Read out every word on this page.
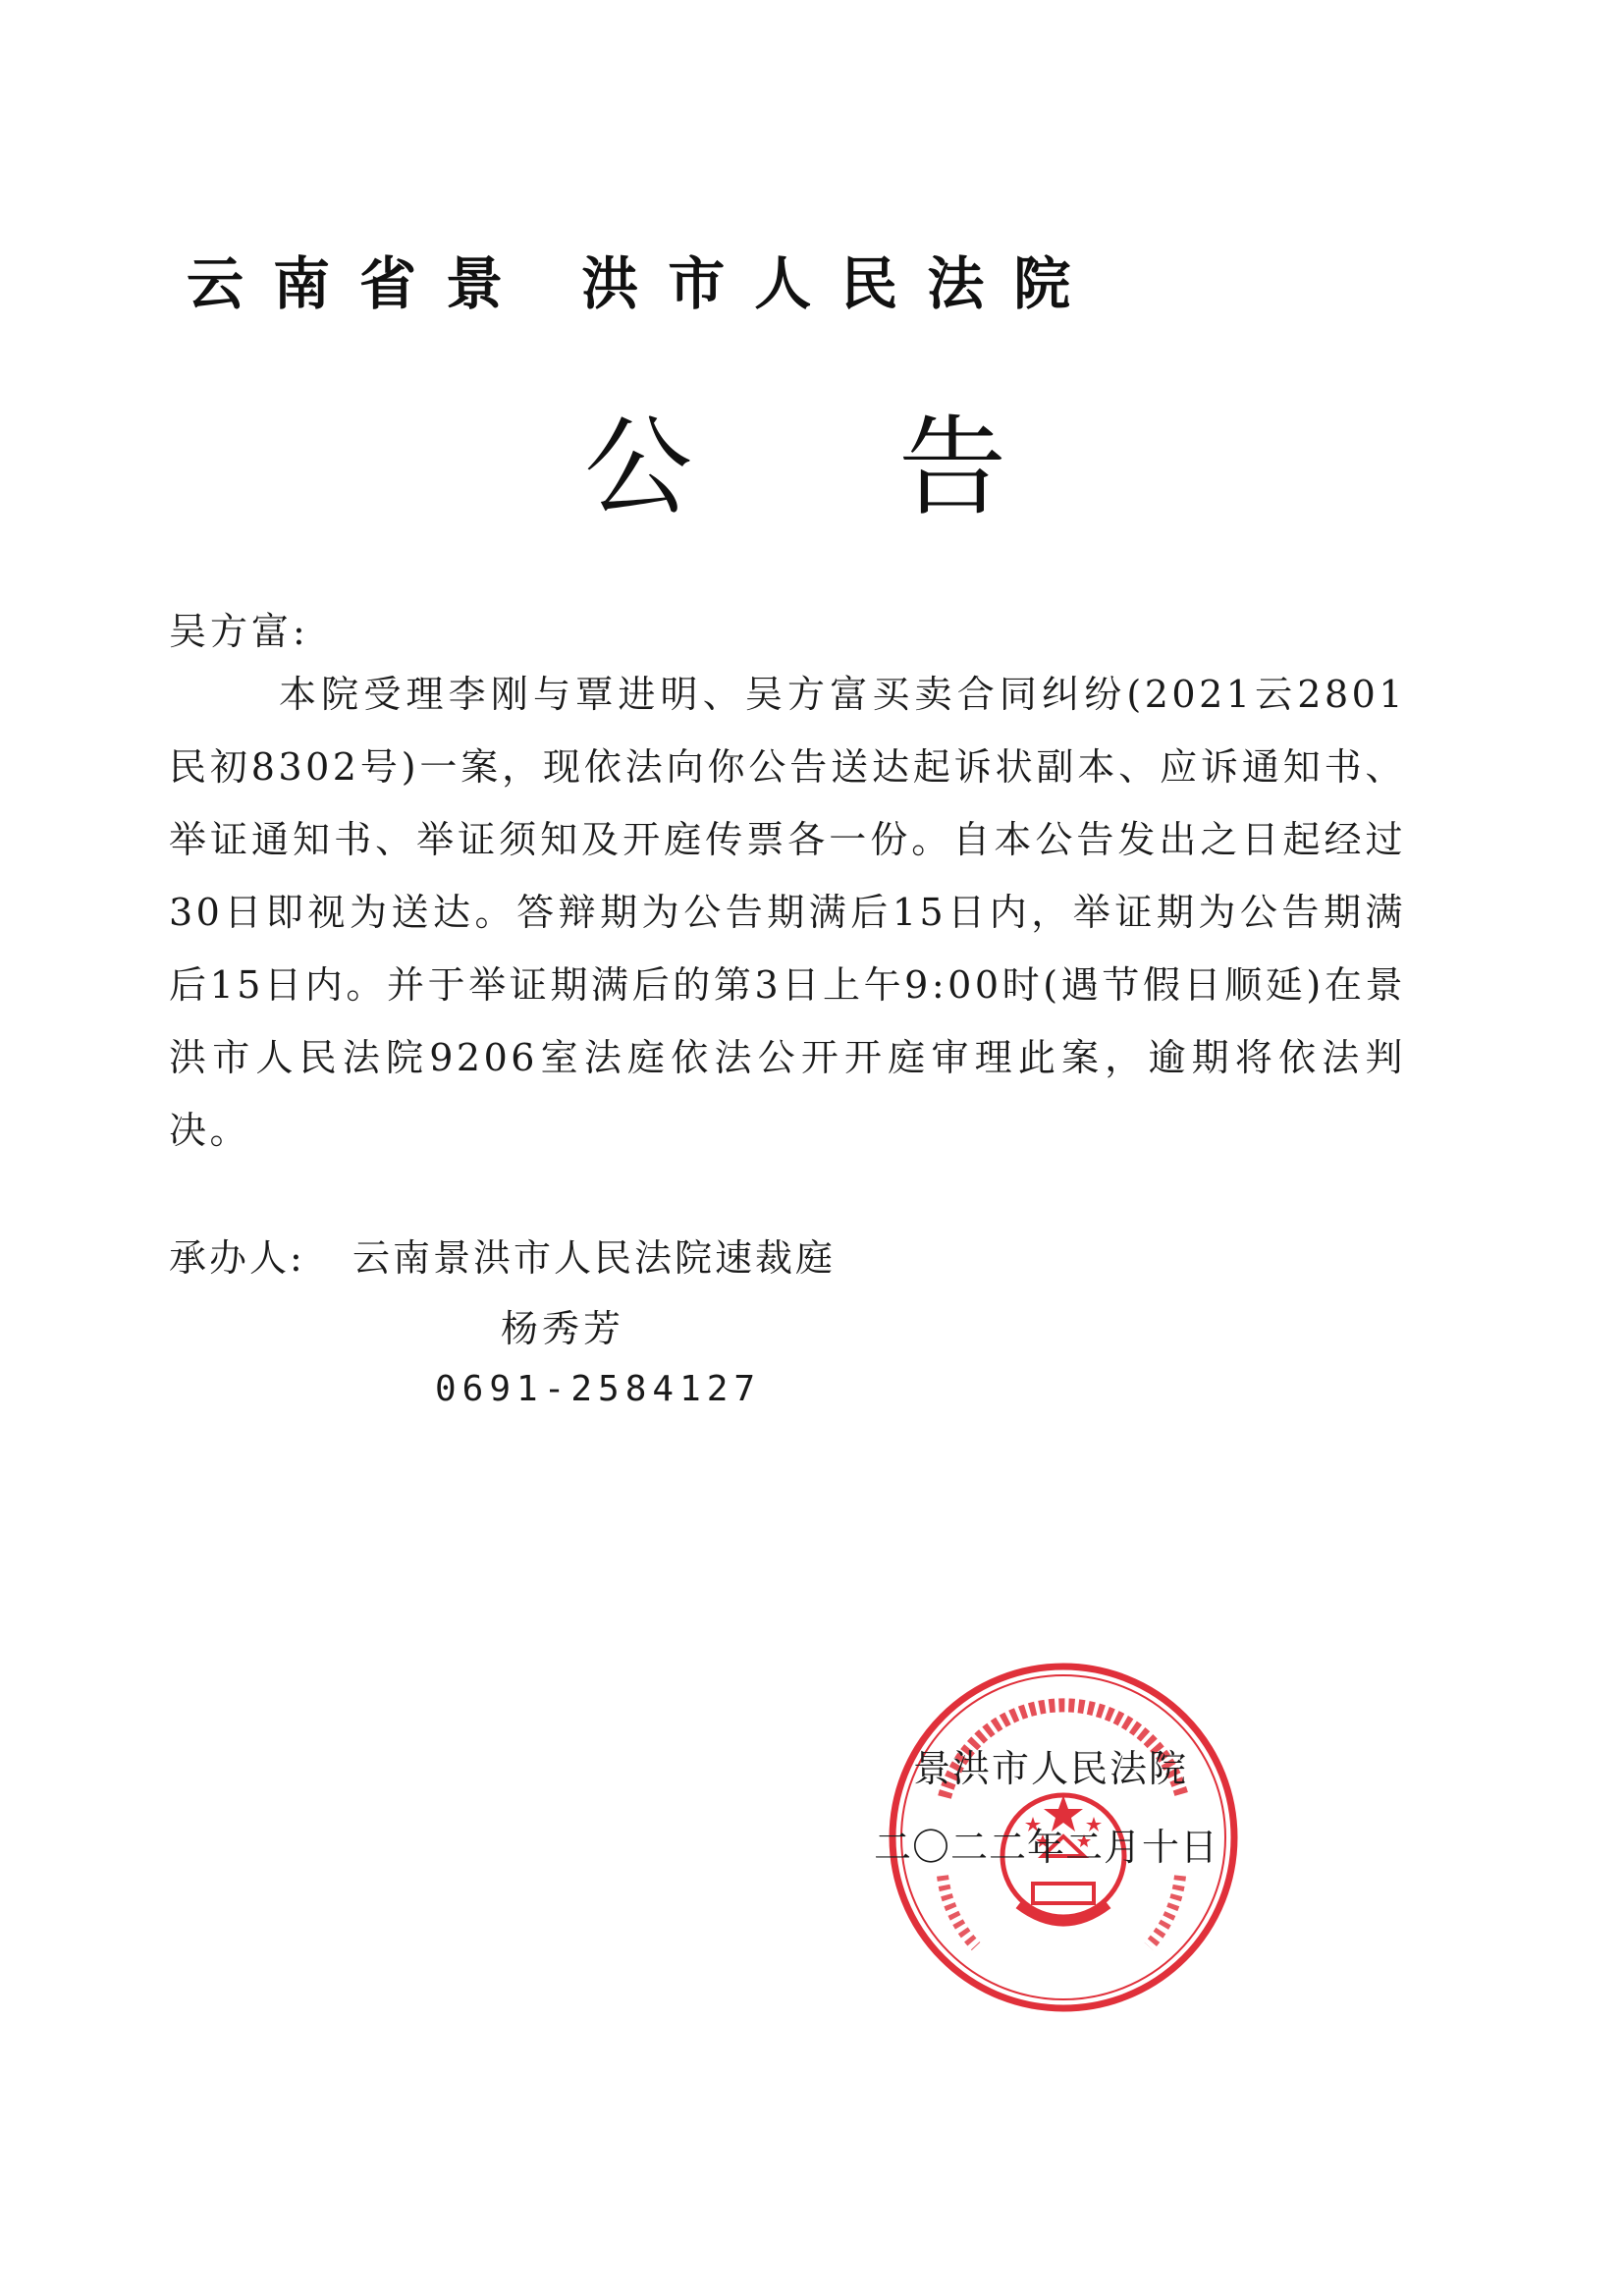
云南省景 洪市人民法院
公告
吴方富:
本院受理李刚与覃进明、吴方富买卖合同纠纷(2021云2801民初8302号)一案，现依法向你公告送达起诉状副本、应诉通知书、举证通知书、举证须知及开庭传票各一份。自本公告发出之日起经过30日即视为送达。答辩期为公告期满后15日内，举证期为公告期满后15日内。并于举证期满后的第3日上午9:00时(遇节假日顺延)在景洪市人民法院9206室法庭依法公开开庭审理此案，逾期将依法判决。
承办人: 云南景洪市人民法院速裁庭
杨秀芳
0691-2584127
景洪市人民法院
二〇二二年二月十日
